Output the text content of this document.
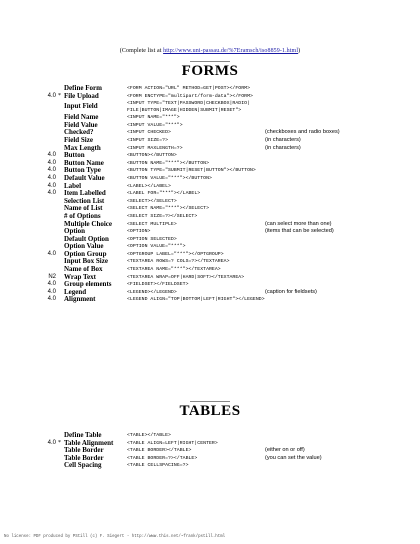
(Complete list at http://www.uni-passau.de/%7Eramsch/iso8859-1.html)
FORMS
		Define Form	<FORM ACTION="URL" METHOD=GET|POST></FORM>	
4.0	*	File Upload	<FORM ENCTYPE="multipart/form-data"></FORM>	
		Input Field	<INPUT TYPE="TEXT|PASSWORD|CHECKBOX|RADIO| FILE|BUTTON|IMAGE|HIDDEN|SUBMIT|RESET">	
		Field Name	<INPUT NAME="***">	
		Field Value	<INPUT VALUE="***">	
		Checked?	<INPUT CHECKED>	(checkboxes and radio boxes)
		Field Size	<INPUT SIZE=?>	(in characters)
		Max Length	<INPUT MAXLENGTH=?>	(in characters)
4.0		Button	<BUTTON></BUTTON>	
4.0		Button Name	<BUTTON NAME="***"></BUTTON>	
4.0		Button Type	<BUTTON TYPE="SUBMIT|RESET|BUTTON"></BUTTON>	
4.0		Default Value	<BUTTON VALUE="***"></BUTTON>	
4.0		Label	<LABEL></LABEL>	
4.0		Item Labelled	<LABEL FOR="***"></LABEL>	
		Selection List	<SELECT></SELECT>	
		Name of List	<SELECT NAME="***"></SELECT>	
		# of Options	<SELECT SIZE=?></SELECT>	
		Multiple Choice	<SELECT MULTIPLE>	(can select more than one)
		Option	<OPTION>	(items that can be selected)
		Default Option	<OPTION SELECTED>	
		Option Value	<OPTION VALUE="***">	
4.0		Option Group	<OPTGROUP LABEL="***"></OPTGROUP>	
		Input Box Size	<TEXTAREA ROWS=? COLS=?></TEXTAREA>	
		Name of Box	<TEXTAREA NAME="***"></TEXTAREA>	
N2		Wrap Text	<TEXTAREA WRAP=OFF|HARD|SOFT></TEXTAREA>	
4.0		Group elements	<FIELDSET></FIELDSET>	
4.0		Legend	<LEGEND></LEGEND>	(caption for fieldsets)
4.0		Alignment	<LEGEND ALIGN="TOP|BOTTOM|LEFT|RIGHT"></LEGEND>	
TABLES
		Define Table	<TABLE></TABLE>	
4.0	*	Table Alignment	<TABLE ALIGN=LEFT|RIGHT|CENTER>	
		Table Border	<TABLE BORDER></TABLE>	(either on or off)
		Table Border	<TABLE BORDER=?></TABLE>	(you can set the value)
		Cell Spacing	<TABLE CELLSPACING=?>	
No license: PDF produced by PStill (c) F. Siegert - http://www.this.net/~frank/pstill.html
